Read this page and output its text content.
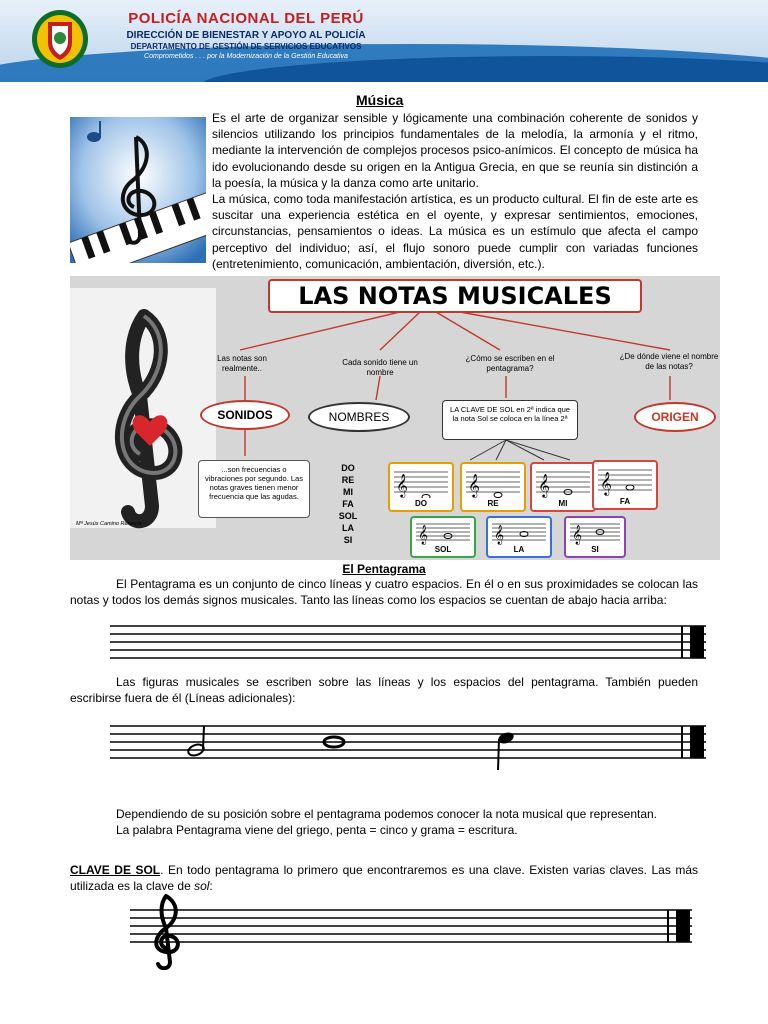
POLICÍA NACIONAL DEL PERÚ
DIRECCIÓN DE BIENESTAR Y APOYO AL POLICÍA
DEPARTAMENTO DE GESTIÓN DE SERVICIOS EDUCATIVOS
Comprometidos . . . por la Modernización de la Gestión Educativa
Música

Es el arte de organizar sensible y lógicamente una combinación coherente de sonidos y silencios utilizando los principios fundamentales de la melodía, la armonía y el ritmo, mediante la intervención de complejos procesos psico-anímicos. El concepto de música ha ido evolucionando desde su origen en la Antigua Grecia, en que se reunía sin distinción a la poesía, la música y la danza como arte unitario.

La música, como toda manifestación artística, es un producto cultural. El fin de este arte es suscitar una experiencia estética en el oyente, y expresar sentimientos, emociones, circunstancias, pensamientos o ideas. La música es un estímulo que afecta el campo perceptivo del individuo; así, el flujo sonoro puede cumplir con variadas funciones (entretenimiento, comunicación, ambientación, diversión, etc.).

LAS NOTAS MUSICALES
Las notas son realmente..
Cada sonido tiene un nombre
¿Cómo se escriben en el pentagrama?
¿De dónde viene el nombre de las notas?
SONIDOS	NOMBRES	ORIGEN
LA CLAVE DE SOL en 2ª indica que la nota Sol se coloca en la línea 2ª
...son frecuencias o vibraciones por segundo. Las notas graves tienen menor frecuencia que las agudas.
DO
RE
MI
FA
SOL
LA
SI
𝄞
DO
𝄞
RE
𝄞
MI
𝄞
FA
𝄞
SOL
𝄞
LA
𝄞
SI
Mª Jesús Camino Rentería
El Pentagrama

El Pentagrama es un conjunto de cinco líneas y cuatro espacios. En él o en sus proximidades se colocan las notas y todos los demás signos musicales. Tanto las líneas como los espacios se cuentan de abajo hacia arriba:

Las figuras musicales se escriben sobre las líneas y los espacios del pentagrama. También pueden escribirse fuera de él (Líneas adicionales):

Dependiendo de su posición sobre el pentagrama podemos conocer la nota musical que representan.

La palabra Pentagrama viene del griego, penta = cinco y grama = escritura.

CLAVE DE SOL. En todo pentagrama lo primero que encontraremos es una clave. Existen varias claves. Las más utilizada es la clave de sol:
